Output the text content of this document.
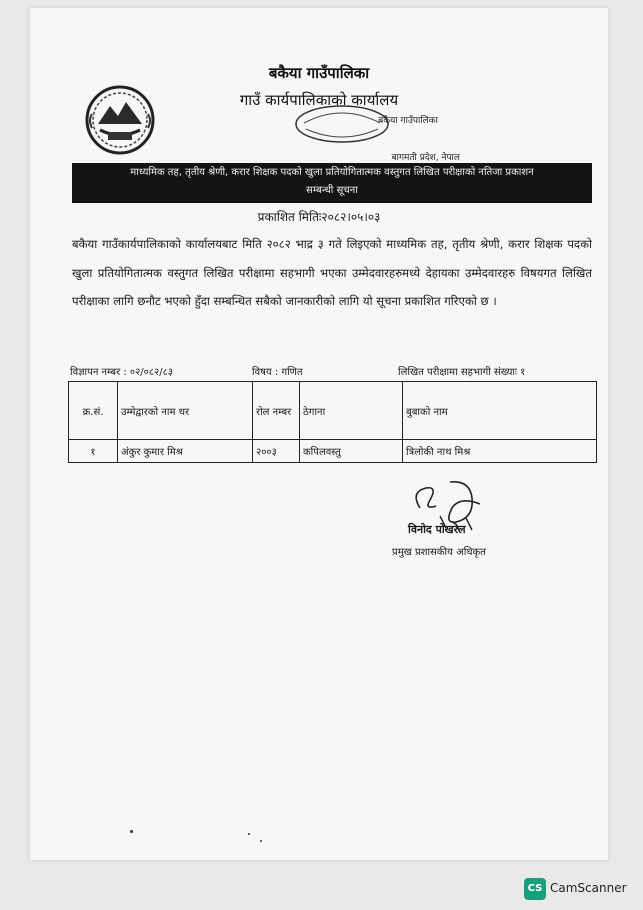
बकैया गाउँपालिका
गाउँ कार्यपालिकाको कार्यालय
बकैया गाउँपालिका
बागमती प्रदेश, नेपाल
माध्यमिक तह, तृतीय श्रेणी, करार शिक्षक पदको खुला प्रतियोगितात्मक वस्तुगत लिखित परीक्षाको नतिजा प्रकाशन
सम्बन्धी सूचना
प्रकाशित मितिः२०८२।०५।०३
बकैया गाउँकार्यपालिकाको कार्यालयबाट मिति २०८२ भाद्र ३ गते लिइएको माध्यमिक तह, तृतीय श्रेणी, करार शिक्षक पदको खुला प्रतियोगितात्मक वस्तुगत लिखित परीक्षामा सहभागी भएका उम्मेदवारहरुमध्ये देहायका उम्मेदवारहरु विषयगत लिखित परीक्षाका लागि छनौट भएको हुँदा सम्बन्धित सबैको जानकारीको लागि यो सूचना प्रकाशित गरिएको छ ।
विज्ञापन नम्बर : ०२/०८२/८३	विषय : गणित	लिखित परीक्षामा सहभागी संख्याः १
क्र.सं.	उम्मेद्वारको नाम थर	रोल नम्बर	ठेगाना	बुबाको नाम
१	अंकुर कुमार मिश्र	२००३	कपिलवस्तु	त्रिलोकी नाथ मिश्र
विनोद पोखरेल
प्रमुख प्रशासकीय अधिकृत
CS CamScanner
